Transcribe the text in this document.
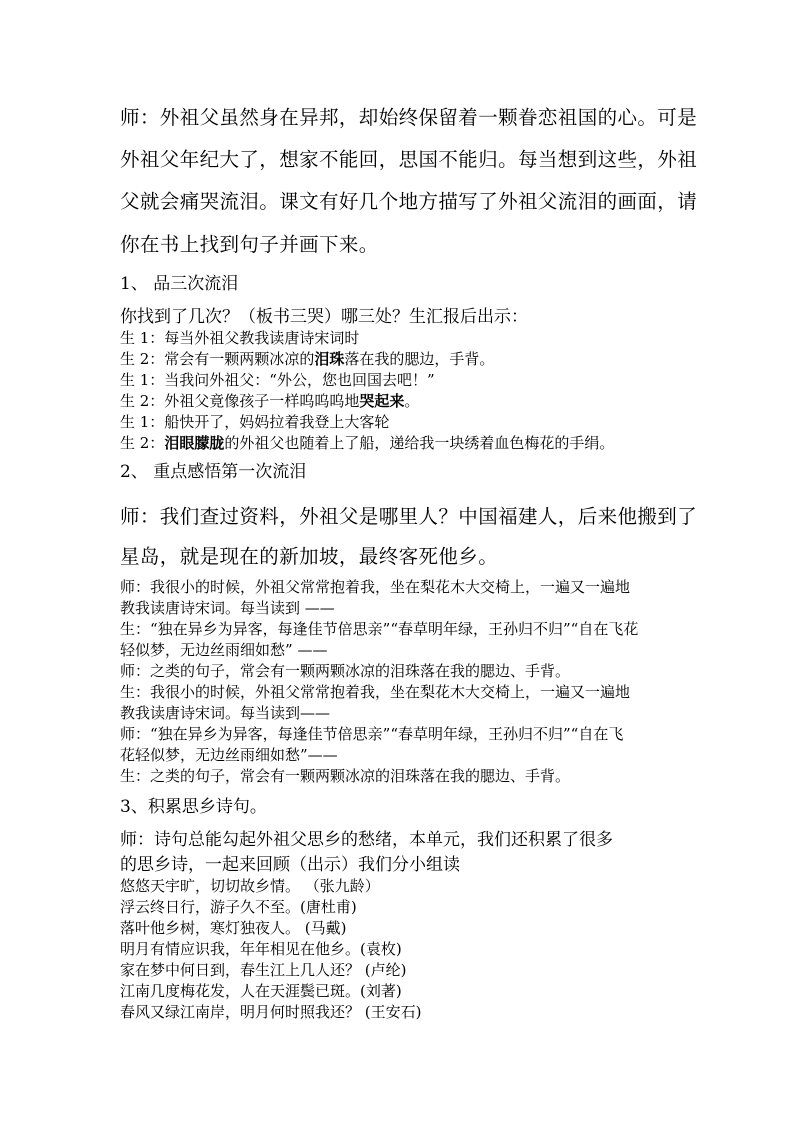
师：外祖父虽然身在异邦，却始终保留着一颗眷恋祖国的心。可是
外祖父年纪大了，想家不能回，思国不能归。每当想到这些，外祖
父就会痛哭流泪。课文有好几个地方描写了外祖父流泪的画面，请
你在书上找到句子并画下来。
1、 品三次流泪
你找到了几次？（板书三哭）哪三处？生汇报后出示：
生 1：每当外祖父教我读唐诗宋词时
生 2：常会有一颗两颗冰凉的泪珠落在我的腮边，手背。
生 1：当我问外祖父：“外公，您也回国去吧！”
生 2：外祖父竟像孩子一样呜呜呜地哭起来。
生 1：船快开了，妈妈拉着我登上大客轮
生 2：泪眼朦胧的外祖父也随着上了船，递给我一块绣着血色梅花的手绢。
2、 重点感悟第一次流泪
师：我们查过资料，外祖父是哪里人？中国福建人，后来他搬到了
星岛，就是现在的新加坡，最终客死他乡。
师：我很小的时候，外祖父常常抱着我，坐在梨花木大交椅上，一遍又一遍地
教我读唐诗宋词。每当读到 ——
生：“独在异乡为异客，每逢佳节倍思亲”“春草明年绿，王孙归不归”“自在飞花
轻似梦，无边丝雨细如愁” ——
师：之类的句子，常会有一颗两颗冰凉的泪珠落在我的腮边、手背。
生：我很小的时候，外祖父常常抱着我，坐在梨花木大交椅上，一遍又一遍地
教我读唐诗宋词。每当读到——
师：“独在异乡为异客，每逢佳节倍思亲”“春草明年绿，王孙归不归”“自在飞
花轻似梦，无边丝雨细如愁”——
生：之类的句子，常会有一颗两颗冰凉的泪珠落在我的腮边、手背。
3、积累思乡诗句。
师：诗句总能勾起外祖父思乡的愁绪，本单元，我们还积累了很多
的思乡诗，一起来回顾（出示）我们分小组读
悠悠天宇旷，切切故乡情。 （张九龄）
浮云终日行，游子久不至。(唐杜甫)
落叶他乡树，寒灯独夜人。 (马戴)
明月有情应识我，年年相见在他乡。(袁枚)
家在梦中何日到，春生江上几人还？ (卢纶)
江南几度梅花发，人在天涯鬓已斑。(刘著)
春风又绿江南岸，明月何时照我还？ (王安石)
